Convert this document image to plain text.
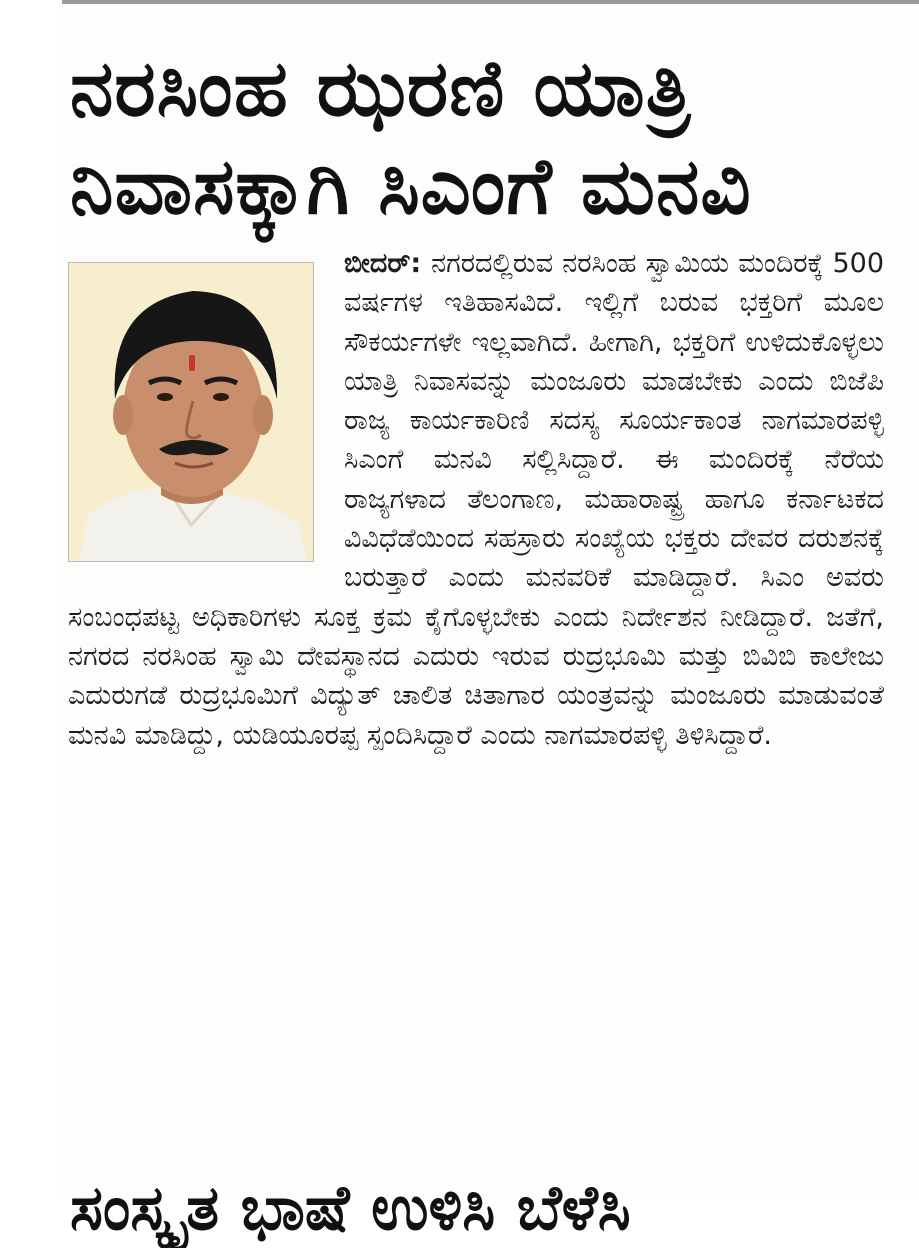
ನರಸಿಂಹ ಝರಣಿ ಯಾತ್ರಿ
ನಿವಾಸಕ್ಕಾಗಿ ಸಿಎಂಗೆ ಮನವಿ
ಬೀದರ್: ನಗರದಲ್ಲಿರುವ ನರಸಿಂಹ ಸ್ವಾಮಿಯ ಮಂದಿರಕ್ಕೆ 500 ವರ್ಷಗಳ ಇತಿಹಾಸವಿದೆ. ಇಲ್ಲಿಗೆ ಬರುವ ಭಕ್ತರಿಗೆ ಮೂಲ ಸೌಕರ್ಯಗಳೇ ಇಲ್ಲವಾಗಿದೆ. ಹೀಗಾಗಿ, ಭಕ್ತರಿಗೆ ಉಳಿದುಕೊಳ್ಳಲು ಯಾತ್ರಿ ನಿವಾಸವನ್ನು ಮಂಜೂರು ಮಾಡಬೇಕು ಎಂದು ಬಿಜೆಪಿ ರಾಜ್ಯ ಕಾರ್ಯಕಾರಿಣಿ ಸದಸ್ಯ ಸೂರ್ಯಕಾಂತ ನಾಗಮಾರಪಳ್ಳಿ ಸಿಎಂಗೆ ಮನವಿ ಸಲ್ಲಿಸಿದ್ದಾರೆ. ಈ ಮಂದಿರಕ್ಕೆ ನೆರೆಯ ರಾಜ್ಯಗಳಾದ ತೆಲಂಗಾಣ, ಮಹಾರಾಷ್ಟ್ರ ಹಾಗೂ ಕರ್ನಾಟಕದ ವಿವಿಧೆಡೆಯಿಂದ ಸಹಸ್ರಾರು ಸಂಖ್ಯೆಯ ಭಕ್ತರು ದೇವರ ದರುಶನಕ್ಕೆ ಬರುತ್ತಾರೆ ಎಂದು ಮನವರಿಕೆ ಮಾಡಿದ್ದಾರೆ. ಸಿಎಂ ಅವರು ಸಂಬಂಧಪಟ್ಟ ಅಧಿಕಾರಿಗಳು ಸೂಕ್ತ ಕ್ರಮ ಕೈಗೊಳ್ಳಬೇಕು ಎಂದು ನಿರ್ದೇಶನ ನೀಡಿದ್ದಾರೆ. ಜತೆಗೆ, ನಗರದ ನರಸಿಂಹ ಸ್ವಾಮಿ ದೇವಸ್ಥಾನದ ಎದುರು ಇರುವ ರುದ್ರಭೂಮಿ ಮತ್ತು ಬಿವಿಬಿ ಕಾಲೇಜು ಎದುರುಗಡೆ ರುದ್ರಭೂಮಿಗೆ ವಿದ್ಯುತ್ ಚಾಲಿತ ಚಿತಾಗಾರ ಯಂತ್ರವನ್ನು ಮಂಜೂರು ಮಾಡುವಂತೆ ಮನವಿ ಮಾಡಿದ್ದು, ಯಡಿಯೂರಪ್ಪ ಸ್ಪಂದಿಸಿದ್ದಾರೆ ಎಂದು ನಾಗಮಾರಪಳ್ಳಿ ತಿಳಿಸಿದ್ದಾರೆ.
ಸಂಸ್ಕೃತ ಭಾಷೆ ಉಳಿಸಿ ಬೆಳೆಸಿ
